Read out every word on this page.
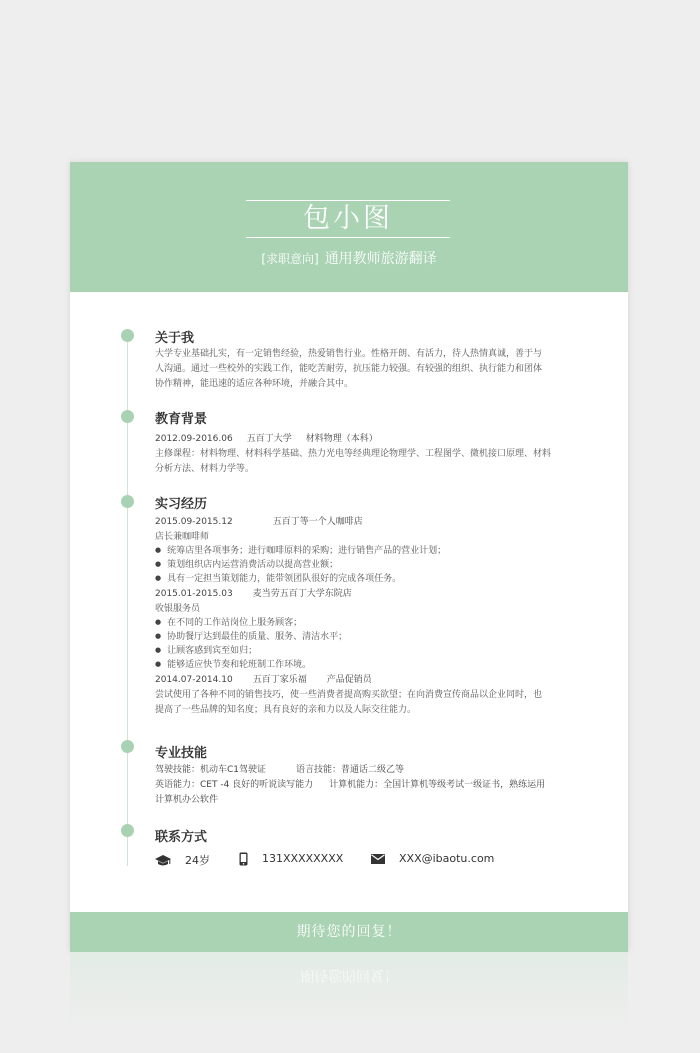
包小图
[求职意向] 通用教师旅游翻译
关于我
大学专业基础扎实，有一定销售经验，热爱销售行业。性格开朗、有活力，待人热情真诚，善于与
人沟通。通过一些校外的实践工作，能吃苦耐劳，抗压能力较强。有较强的组织、执行能力和团体
协作精神，能迅速的适应各种环境，并融合其中。
教育背景
2012.09-2016.06 五百丁大学 材料物理（本科）
主修课程：材料物理、材料科学基础、热力光电等经典理论物理学、工程图学、微机接口原理、材料
分析方法、材料力学等。
实习经历
2015.09-2015.12	五百丁等一个人咖啡店
店长兼咖啡师
● 统筹店里各项事务；进行咖啡原料的采购；进行销售产品的营业计划；
● 策划组织店内运营消费活动以提高营业额；
● 具有一定担当策划能力，能带领团队很好的完成各项任务。
2015.01-2015.03 麦当劳五百丁大学东院店
收银服务员
● 在不同的工作站岗位上服务顾客；
● 协助餐厅达到最佳的质量、服务、清洁水平；
● 让顾客感到宾至如归；
● 能够适应快节奏和轮班制工作环境。
2014.07-2014.10 五百丁家乐福 产品促销员
尝试使用了各种不同的销售技巧，使一些消费者提高购买欲望；在向消费宣传商品以企业同时，也
提高了一些品牌的知名度；具有良好的亲和力以及人际交往能力。
专业技能
驾驶技能：机动车C1驾驶证	语言技能：普通话二级乙等
英语能力：CET -4 良好的听说读写能力 计算机能力：全国计算机等级考试一级证书，熟练运用
计算机办公软件
联系方式
24岁	131XXXXXXXX	XXX@ibaotu.com
期待您的回复！
期待您的回复！
